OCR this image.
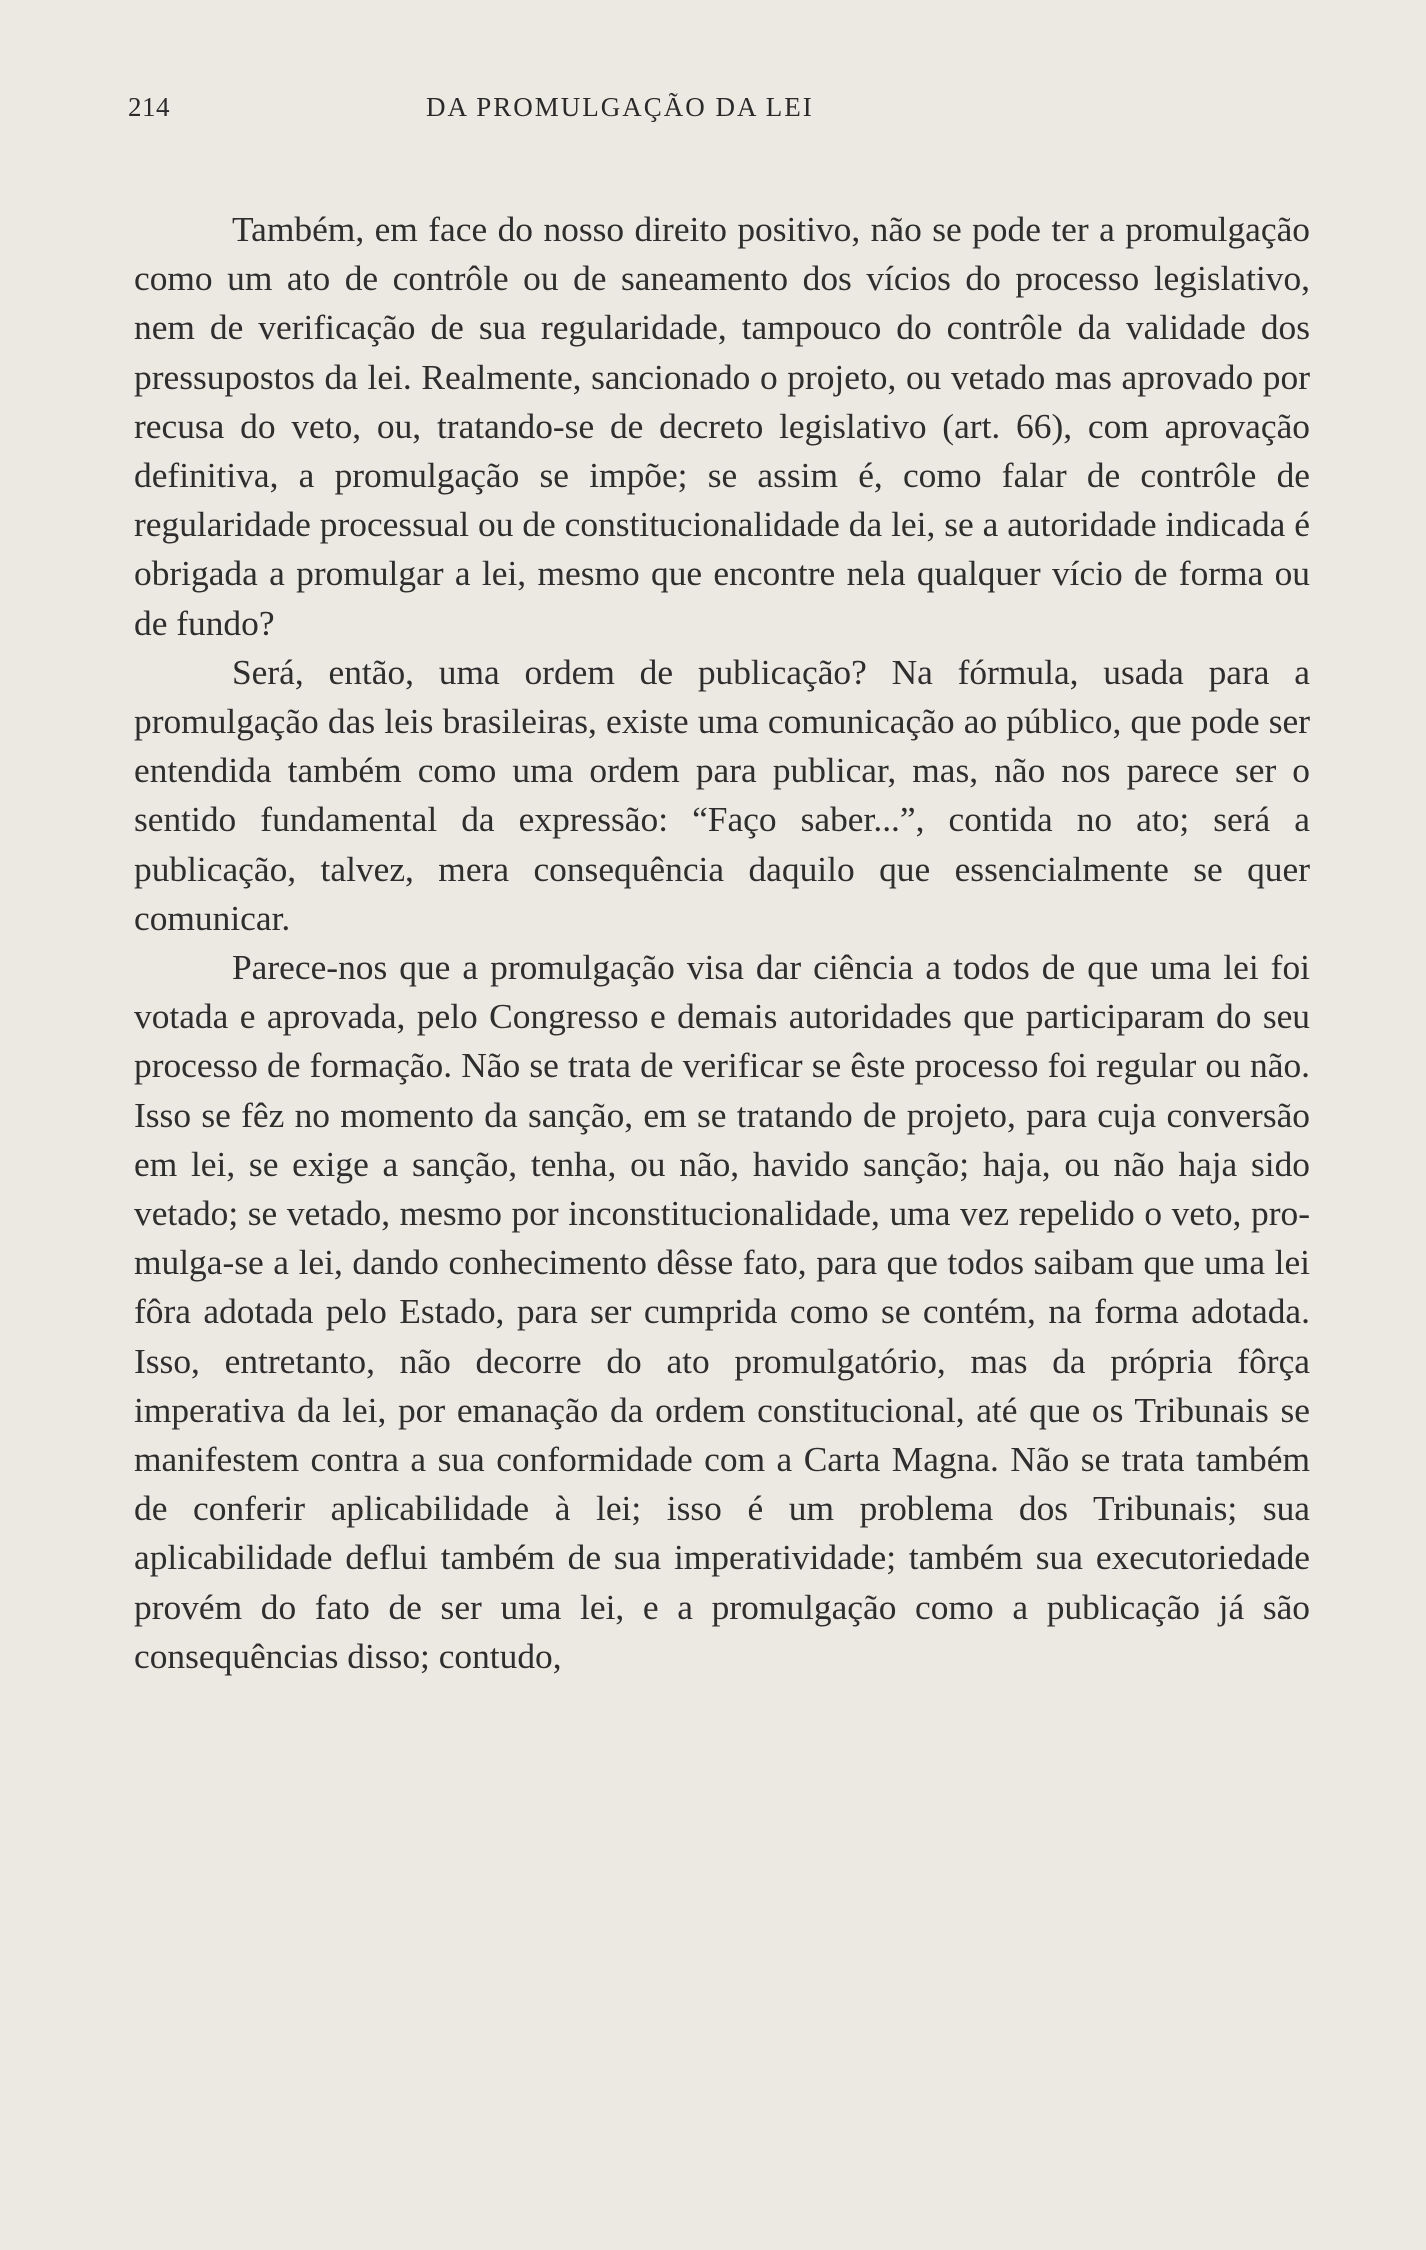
214	DA PROMULGAÇÃO DA LEI

Também, em face do nosso direito positivo, não se pode ter a promulgação como um ato de contrôle ou de saneamento dos vícios do processo legislativo, nem de verificação de sua regularidade, tampouco do contrôle da validade dos pressupostos da lei. Realmente, sancionado o projeto, ou vetado mas aprovado por recusa do veto, ou, tratando-se de decreto legislativo (art. 66), com aprovação definitiva, a promulgação se impõe; se assim é, como falar de contrôle de regularidade processual ou de constitucionalidade da lei, se a autoridade indicada é obrigada a promulgar a lei, mesmo que encontre nela qualquer vício de forma ou de fundo?

Será, então, uma ordem de publicação? Na fórmula, usada para a promulgação das leis brasileiras, existe uma comunicação ao público, que pode ser entendida também como uma ordem para publicar, mas, não nos parece ser o sentido fundamental da expressão: “Faço saber...”, contida no ato; será a publicação, talvez, mera consequência daquilo que essencialmente se quer comunicar.

Parece-nos que a promulgação visa dar ciência a todos de que uma lei foi votada e aprovada, pelo Congresso e demais autoridades que participaram do seu processo de formação. Não se trata de verificar se êste processo foi regular ou não. Isso se fêz no momento da sanção, em se tratando de projeto, para cuja conversão em lei, se exige a sanção, tenha, ou não, havido sanção; haja, ou não haja sido vetado; se vetado, mesmo por inconstitucionalidade, uma vez repelido o veto, promulga-se a lei, dando conhecimento dêsse fato, para que todos saibam que uma lei fôra adotada pelo Estado, para ser cumprida como se contém, na forma adotada. Isso, entretanto, não decorre do ato promulgatório, mas da própria fôrça imperativa da lei, por emanação da ordem constitucional, até que os Tribunais se manifestem contra a sua conformidade com a Carta Magna. Não se trata também de conferir aplicabilidade à lei; isso é um problema dos Tribunais; sua aplicabilidade deflui também de sua imperatividade; também sua executoriedade provém do fato de ser uma lei, e a promulgação como a publicação já são consequências disso; contudo,
